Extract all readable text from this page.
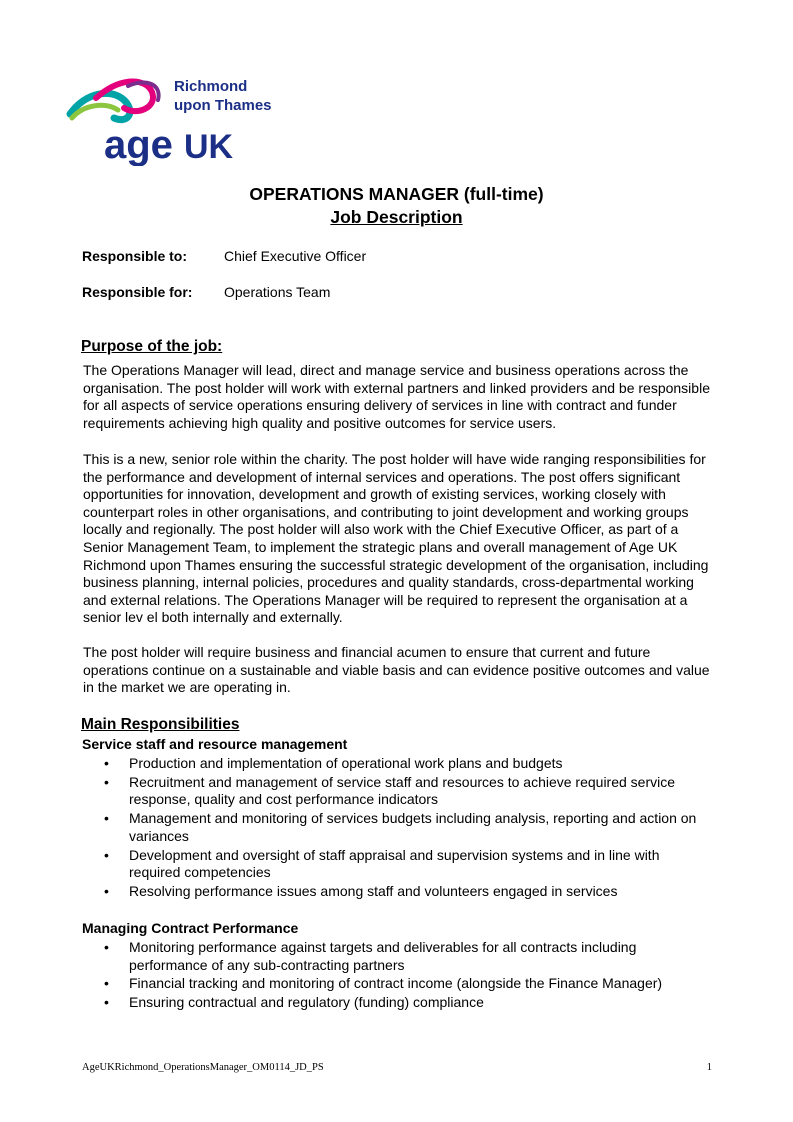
age UK
Richmond
upon Thames
OPERATIONS MANAGER (full-time)
Job Description
Responsible to:	Chief Executive Officer
Responsible for: Operations Team
Purpose of the job:
The Operations Manager will lead, direct and manage service and business operations across the organisation. The post holder will work with external partners and linked providers and be responsible for all aspects of service operations ensuring delivery of services in line with contract and funder requirements achieving high quality and positive outcomes for service users.
This is a new, senior role within the charity. The post holder will have wide ranging responsibilities for the performance and development of internal services and operations. The post offers significant opportunities for innovation, development and growth of existing services, working closely with counterpart roles in other organisations, and contributing to joint development and working groups locally and regionally. The post holder will also work with the Chief Executive Officer, as part of a Senior Management Team, to implement the strategic plans and overall management of Age UK Richmond upon Thames ensuring the successful strategic development of the organisation, including business planning, internal policies, procedures and quality standards, cross-departmental working and external relations. The Operations Manager will be required to represent the organisation at a senior lev el both internally and externally.
The post holder will require business and financial acumen to ensure that current and future operations continue on a sustainable and viable basis and can evidence positive outcomes and value in the market we are operating in.
Main Responsibilities
Service staff and resource management
• Production and implementation of operational work plans and budgets
• Recruitment and management of service staff and resources to achieve required service response, quality and cost performance indicators
• Management and monitoring of services budgets including analysis, reporting and action on variances
• Development and oversight of staff appraisal and supervision systems and in line with required competencies
• Resolving performance issues among staff and volunteers engaged in services
Managing Contract Performance
• Monitoring performance against targets and deliverables for all contracts including performance of any sub-contracting partners
• Financial tracking and monitoring of contract income (alongside the Finance Manager)
• Ensuring contractual and regulatory (funding) compliance
AgeUKRichmond_OperationsManager_OM0114_JD_PS	1
